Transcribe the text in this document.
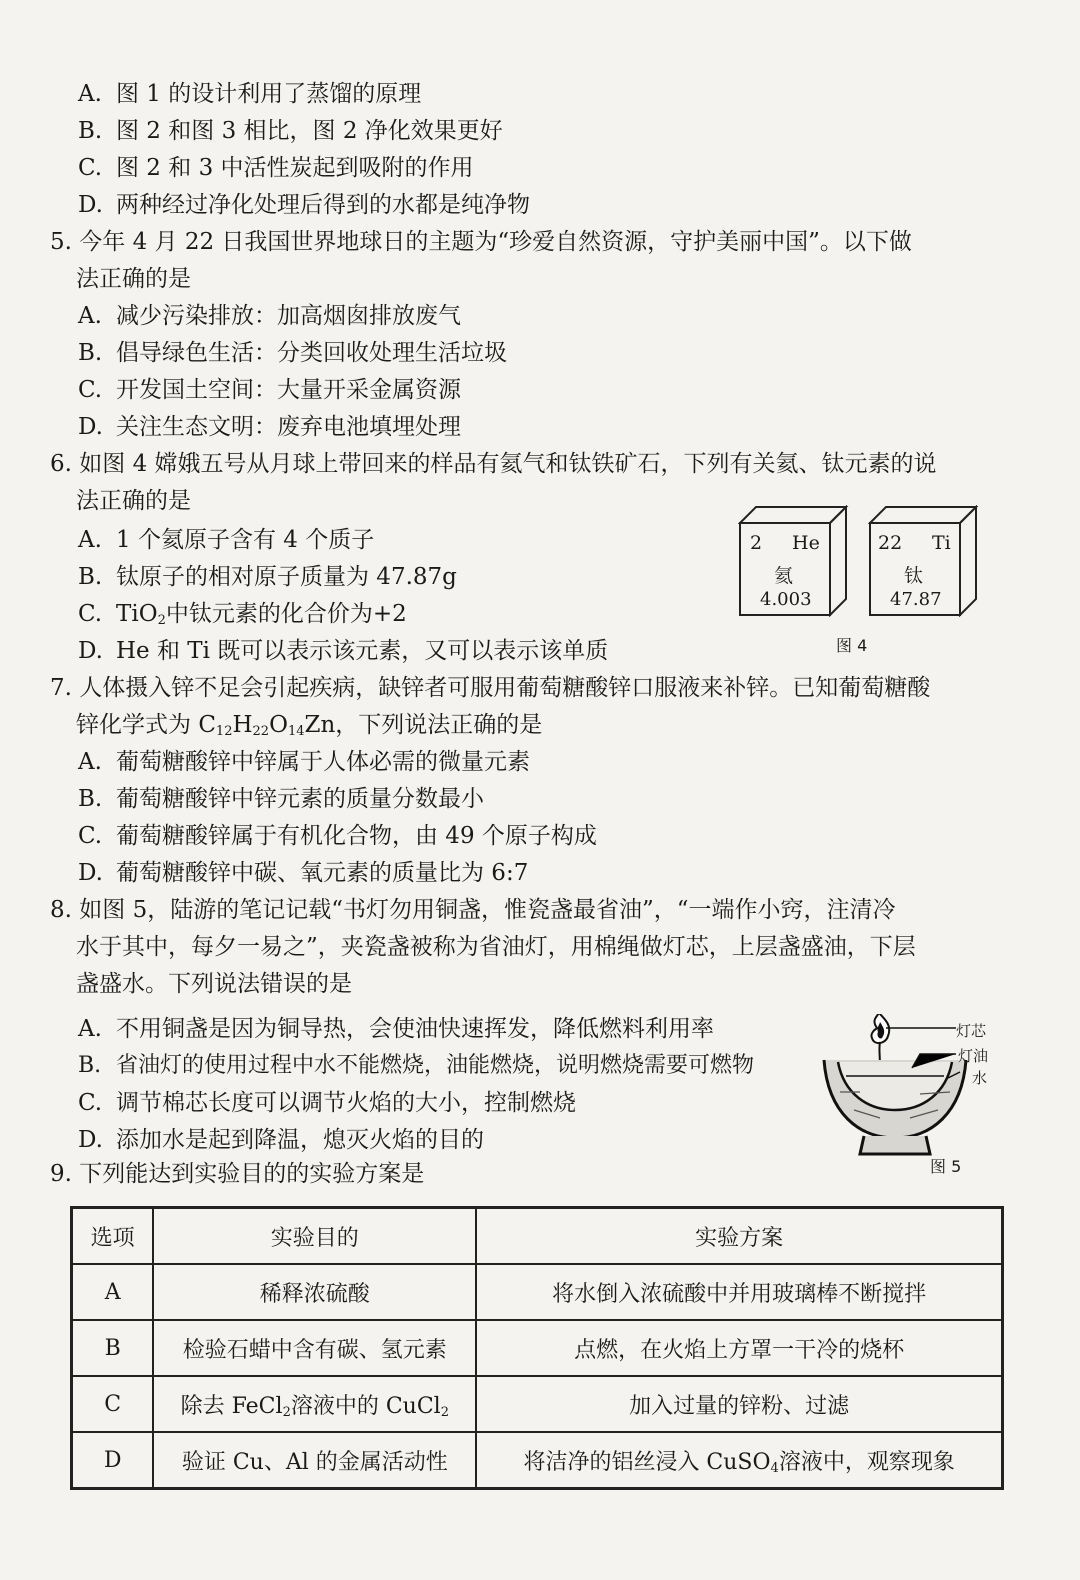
A. 图 1 的设计利用了蒸馏的原理
B. 图 2 和图 3 相比，图 2 净化效果更好
C. 图 2 和 3 中活性炭起到吸附的作用
D. 两种经过净化处理后得到的水都是纯净物
5. 今年 4 月 22 日我国世界地球日的主题为“珍爱自然资源，守护美丽中国”。以下做
法正确的是
A. 减少污染排放：加高烟囱排放废气
B. 倡导绿色生活：分类回收处理生活垃圾
C. 开发国土空间：大量开采金属资源
D. 关注生态文明：废弃电池填埋处理
6. 如图 4 嫦娥五号从月球上带回来的样品有氦气和钛铁矿石，下列有关氦、钛元素的说
法正确的是
A. 1 个氦原子含有 4 个质子
B. 钛原子的相对原子质量为 47.87g
C. TiO$_2$中钛元素的化合价为+2
D. He 和 Ti 既可以表示该元素，又可以表示该单质
2 He
氦
4.003
22 Ti
钛
47.87
图 4
7. 人体摄入锌不足会引起疾病，缺锌者可服用葡萄糖酸锌口服液来补锌。已知葡萄糖酸
锌化学式为 $C_{12}H_{22}O_{14}Zn$，下列说法正确的是
A. 葡萄糖酸锌中锌属于人体必需的微量元素
B. 葡萄糖酸锌中锌元素的质量分数最小
C. 葡萄糖酸锌属于有机化合物，由 49 个原子构成
D. 葡萄糖酸锌中碳、氧元素的质量比为 6:7
8. 如图 5，陆游的笔记记载“书灯勿用铜盏，惟瓷盏最省油”，“一端作小窍，注清冷
水于其中，每夕一易之”，夹瓷盏被称为省油灯，用棉绳做灯芯，上层盏盛油，下层
盏盛水。下列说法错误的是
A. 不用铜盏是因为铜导热，会使油快速挥发，降低燃料利用率
B. 省油灯的使用过程中水不能燃烧，油能燃烧，说明燃烧需要可燃物
C. 调节棉芯长度可以调节火焰的大小，控制燃烧
D. 添加水是起到降温，熄灭火焰的目的
灯芯
灯油
水
图 5
9. 下列能达到实验目的的实验方案是
选项	实验目的	实验方案
A	稀释浓硫酸	将水倒入浓硫酸中并用玻璃棒不断搅拌
B	检验石蜡中含有碳、氢元素	点燃，在火焰上方罩一干冷的烧杯
C	除去 FeCl$_2$溶液中的 CuCl$_2$	加入过量的锌粉、过滤
D	验证 Cu、Al 的金属活动性	将洁净的铝丝浸入 CuSO$_4$溶液中，观察现象
